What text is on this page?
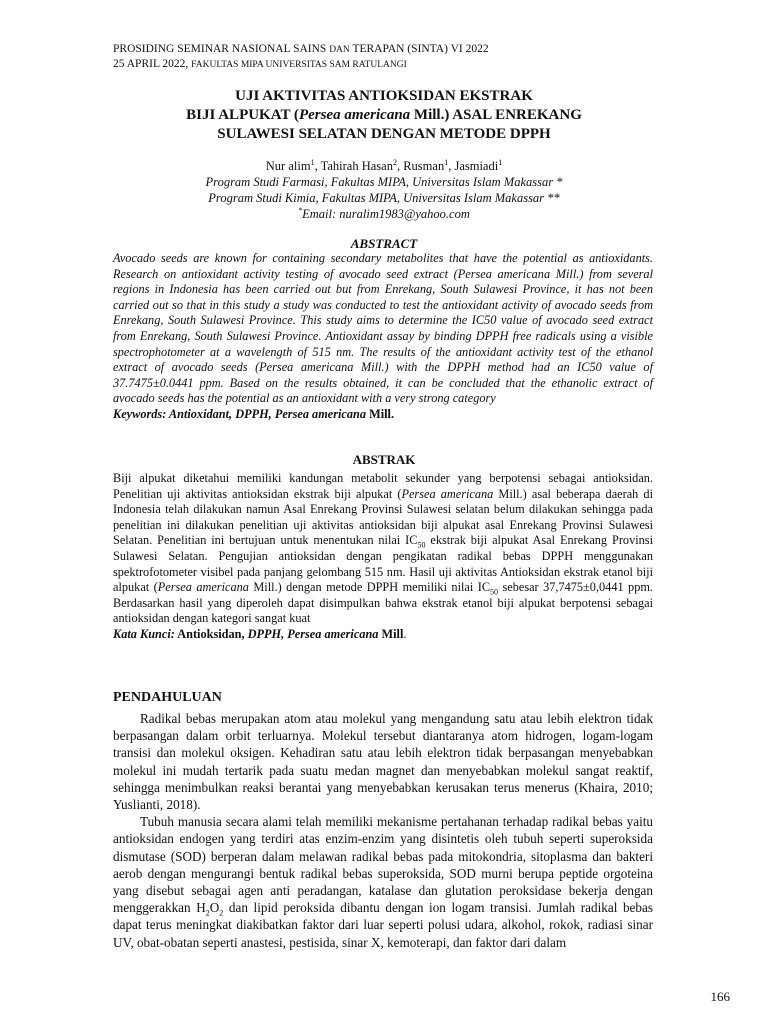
PROSIDING SEMINAR NASIONAL SAINS DAN TERAPAN (SINTA) VI 2022
25 APRIL 2022, FAKULTAS MIPA UNIVERSITAS SAM RATULANGI
UJI AKTIVITAS ANTIOKSIDAN EKSTRAK
BIJI ALPUKAT (Persea americana Mill.) ASAL ENREKANG
SULAWESI SELATAN DENGAN METODE DPPH
Nur alim$^1$, Tahirah Hasan$^2$, Rusman$^1$, Jasmiadi$^1$
Program Studi Farmasi, Fakultas MIPA, Universitas Islam Makassar *
Program Studi Kimia, Fakultas MIPA, Universitas Islam Makassar **
*Email: nuralim1983@yahoo.com
ABSTRACT
Avocado seeds are known for containing secondary metabolites that have the potential as antioxidants. Research on antioxidant activity testing of avocado seed extract (Persea americana Mill.) from several regions in Indonesia has been carried out but from Enrekang, South Sulawesi Province, it has not been carried out so that in this study a study was conducted to test the antioxidant activity of avocado seeds from Enrekang, South Sulawesi Province. This study aims to determine the IC50 value of avocado seed extract from Enrekang, South Sulawesi Province. Antioxidant assay by binding DPPH free radicals using a visible spectrophotometer at a wavelength of 515 nm. The results of the antioxidant activity test of the ethanol extract of avocado seeds (Persea americana Mill.) with the DPPH method had an IC50 value of 37.7475±0.0441 ppm. Based on the results obtained, it can be concluded that the ethanolic extract of avocado seeds has the potential as an antioxidant with a very strong category
Keywords: Antioxidant, DPPH, Persea americana Mill.
ABSTRAK
Biji alpukat diketahui memiliki kandungan metabolit sekunder yang berpotensi sebagai antioksidan. Penelitian uji aktivitas antioksidan ekstrak biji alpukat (Persea americana Mill.) asal beberapa daerah di Indonesia telah dilakukan namun Asal Enrekang Provinsi Sulawesi selatan belum dilakukan sehingga pada penelitian ini dilakukan penelitian uji aktivitas antioksidan biji alpukat asal Enrekang Provinsi Sulawesi Selatan. Penelitian ini bertujuan untuk menentukan nilai $IC_{50}$ ekstrak biji alpukat Asal Enrekang Provinsi Sulawesi Selatan. Pengujian antioksidan dengan pengikatan radikal bebas DPPH menggunakan spektrofotometer visibel pada panjang gelombang 515 nm. Hasil uji aktivitas Antioksidan ekstrak etanol biji alpukat (Persea americana Mill.) dengan metode DPPH memiliki nilai $IC_{50}$ sebesar 37,7475±0,0441 ppm. Berdasarkan hasil yang diperoleh dapat disimpulkan bahwa ekstrak etanol biji alpukat berpotensi sebagai antioksidan dengan kategori sangat kuat
Kata Kunci: Antioksidan, DPPH, Persea americana Mill.
PENDAHULUAN

Radikal bebas merupakan atom atau molekul yang mengandung satu atau lebih elektron tidak berpasangan dalam orbit terluarnya. Molekul tersebut diantaranya atom hidrogen, logam-logam transisi dan molekul oksigen. Kehadiran satu atau lebih elektron tidak berpasangan menyebabkan molekul ini mudah tertarik pada suatu medan magnet dan menyebabkan molekul sangat reaktif, sehingga menimbulkan reaksi berantai yang menyebabkan kerusakan terus menerus (Khaira, 2010; Yuslianti, 2018).

Tubuh manusia secara alami telah memiliki mekanisme pertahanan terhadap radikal bebas yaitu antioksidan endogen yang terdiri atas enzim-enzim yang disintetis oleh tubuh seperti superoksida dismutase (SOD) berperan dalam melawan radikal bebas pada mitokondria, sitoplasma dan bakteri aerob dengan mengurangi bentuk radikal bebas superoksida, SOD murni berupa peptide orgoteina yang disebut sebagai agen anti peradangan, katalase dan glutation peroksidase bekerja dengan menggerakkan $H_2O_2$ dan lipid peroksida dibantu dengan ion logam transisi. Jumlah radikal bebas dapat terus meningkat diakibatkan faktor dari luar seperti polusi udara, alkohol, rokok, radiasi sinar UV, obat-obatan seperti anastesi, pestisida, sinar X, kemoterapi, dan faktor dari dalam

166
